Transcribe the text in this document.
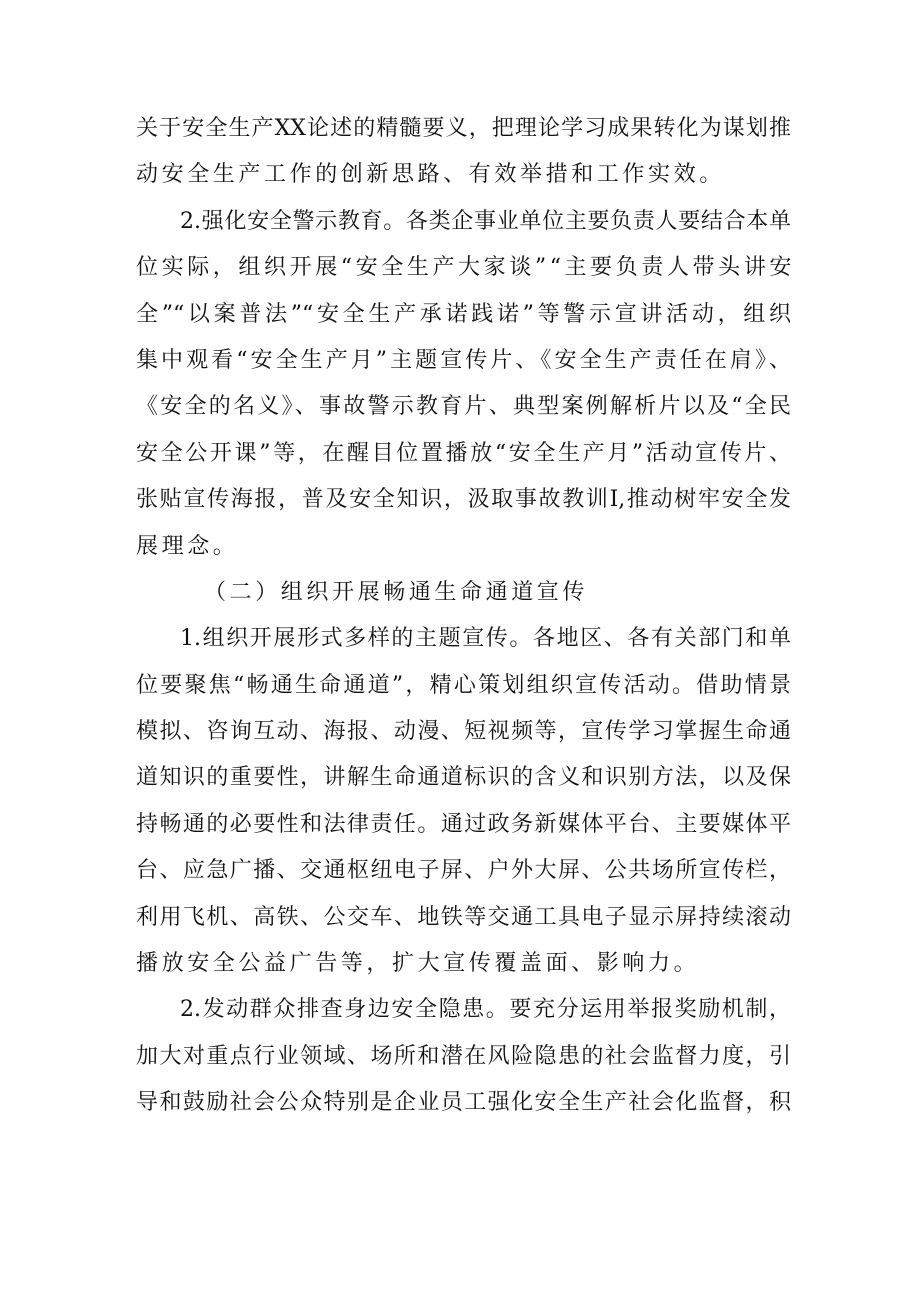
关于安全生产XX论述的精髓要义，把理论学习成果转化为谋划推
动安全生产工作的创新思路、有效举措和工作实效。
2.强化安全警示教育。各类企事业单位主要负责人要结合本单
位实际，组织开展“安全生产大家谈”“主要负责人带头讲安
全”“以案普法”“安全生产承诺践诺”等警示宣讲活动，组织
集中观看“安全生产月”主题宣传片、《安全生产责任在肩》、
《安全的名义》、事故警示教育片、典型案例解析片以及“全民
安全公开课”等，在醒目位置播放“安全生产月”活动宣传片、
张贴宣传海报，普及安全知识，汲取事故教训I,推动树牢安全发
展理念。
（二）组织开展畅通生命通道宣传
1.组织开展形式多样的主题宣传。各地区、各有关部门和单
位要聚焦“畅通生命通道”，精心策划组织宣传活动。借助情景
模拟、咨询互动、海报、动漫、短视频等，宣传学习掌握生命通
道知识的重要性，讲解生命通道标识的含义和识别方法，以及保
持畅通的必要性和法律责任。通过政务新媒体平台、主要媒体平
台、应急广播、交通枢纽电子屏、户外大屏、公共场所宣传栏，
利用飞机、高铁、公交车、地铁等交通工具电子显示屏持续滚动
播放安全公益广告等，扩大宣传覆盖面、影响力。
2.发动群众排查身边安全隐患。要充分运用举报奖励机制，
加大对重点行业领域、场所和潜在风险隐患的社会监督力度，引
导和鼓励社会公众特别是企业员工强化安全生产社会化监督，积
